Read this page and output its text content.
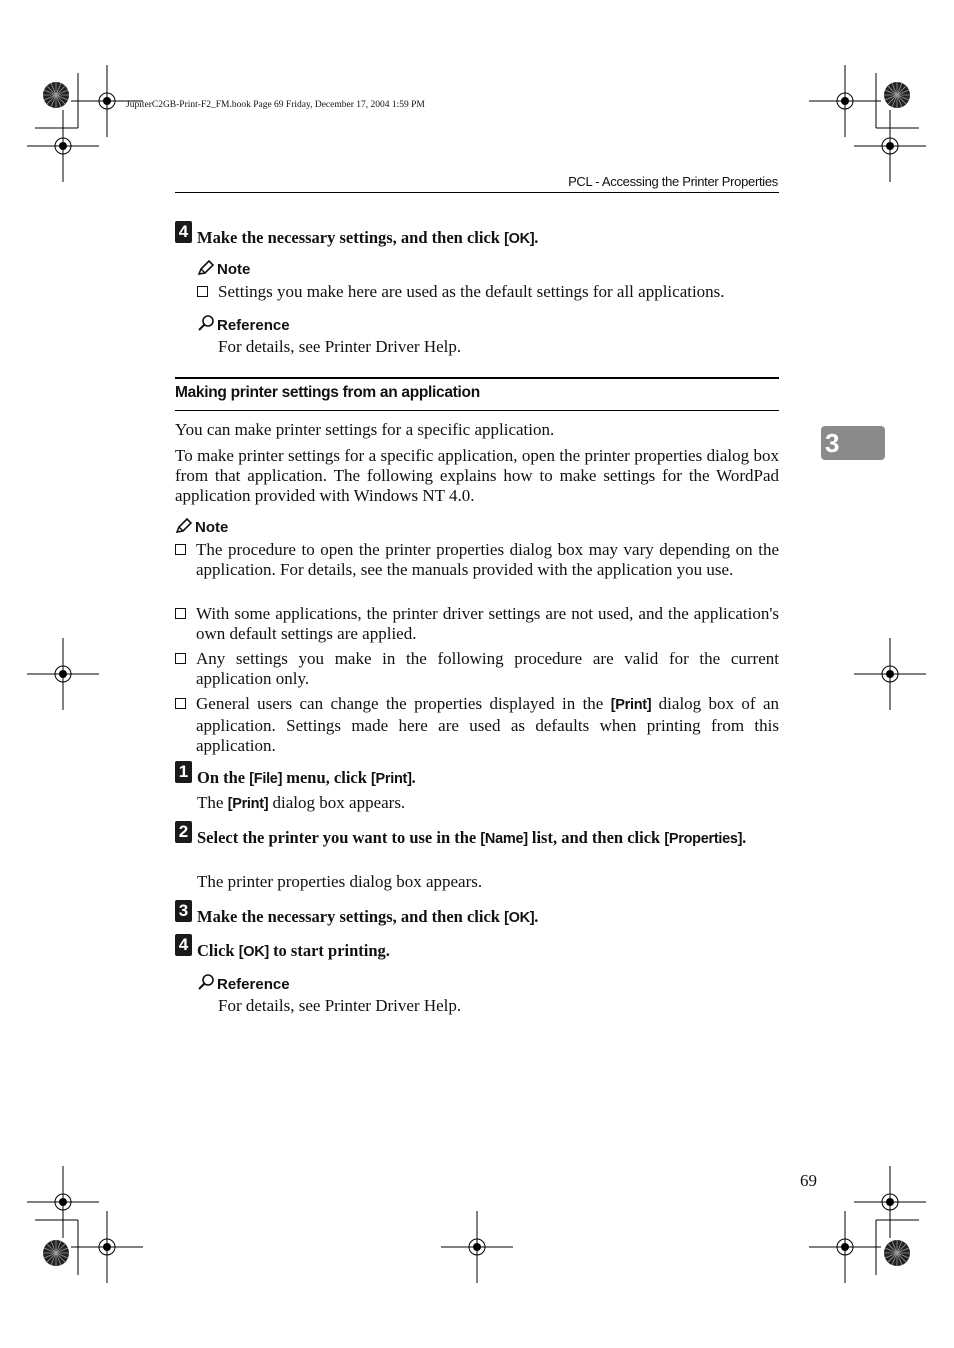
JupiterC2GB-Print-F2_FM.book Page 69 Friday, December 17, 2004 1:59 PM
PCL - Accessing the Printer Properties
4 Make the necessary settings, and then click [OK].
Note
Settings you make here are used as the default settings for all applications.
Reference
For details, see Printer Driver Help.
Making printer settings from an application
3
You can make printer settings for a specific application.
To make printer settings for a specific application, open the printer properties dialog box from that application. The following explains how to make settings for the WordPad application provided with Windows NT 4.0.
Note
The procedure to open the printer properties dialog box may vary depending on the application. For details, see the manuals provided with the application you use.
With some applications, the printer driver settings are not used, and the application's own default settings are applied.
Any settings you make in the following procedure are valid for the current application only.
General users can change the properties displayed in the [Print] dialog box of an application. Settings made here are used as defaults when printing from this application.
1 On the [File] menu, click [Print].
The [Print] dialog box appears.
2 Select the printer you want to use in the [Name] list, and then click [Properties].
The printer properties dialog box appears.
3 Make the necessary settings, and then click [OK].
4 Click [OK] to start printing.
Reference
For details, see Printer Driver Help.
69
